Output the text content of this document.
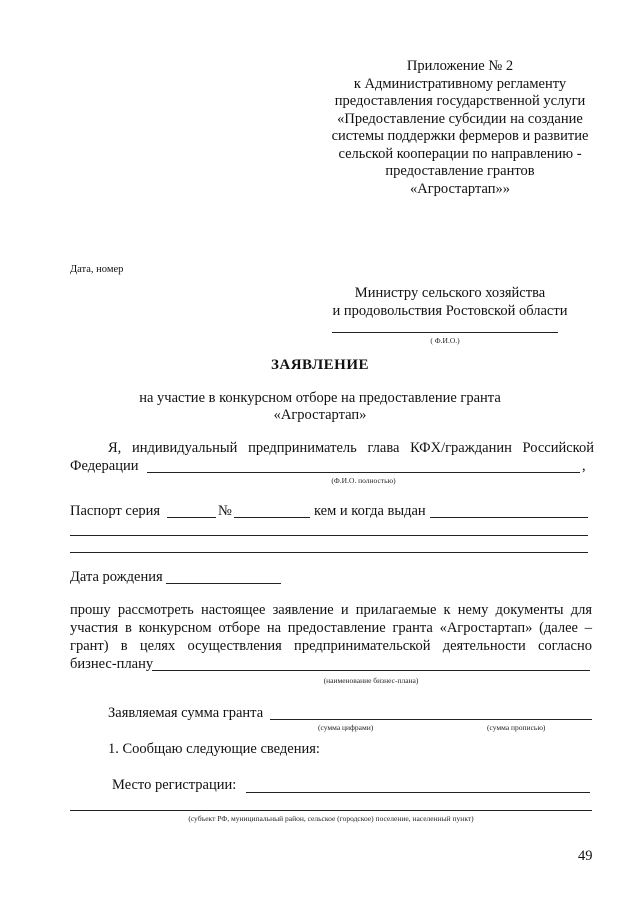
Приложение № 2
к Административному регламенту
предоставления государственной услуги
«Предоставление субсидии на создание
системы поддержки фермеров и развитие
сельской кооперации по направлению -
предоставление грантов
«Агростартап»»
Дата, номер
Министру сельского хозяйства
и продовольствия Ростовской области
( Ф.И.О.)
ЗАЯВЛЕНИЕ
на участие в конкурсном отборе на предоставление гранта
«Агростартап»
Я, индивидуальный предприниматель глава КФХ/гражданин Российской
Федерации	,
(Ф.И.О. полностью)
Паспорт серия	№	кем и когда выдан
Дата рождения
прошу рассмотреть настоящее заявление и прилагаемые к нему документы для
участия в конкурсном отборе на предоставление гранта «Агростартап» (далее –
грант) в целях осуществления предпринимательской деятельности согласно
бизнес-плану
(наименование бизнес-плана)
Заявляемая сумма гранта
(сумма цифрами)	(сумма прописью)
1. Сообщаю следующие сведения:
Место регистрации:
(субъект РФ, муниципальный район, сельское (городское) поселение, населенный пункт)
49
